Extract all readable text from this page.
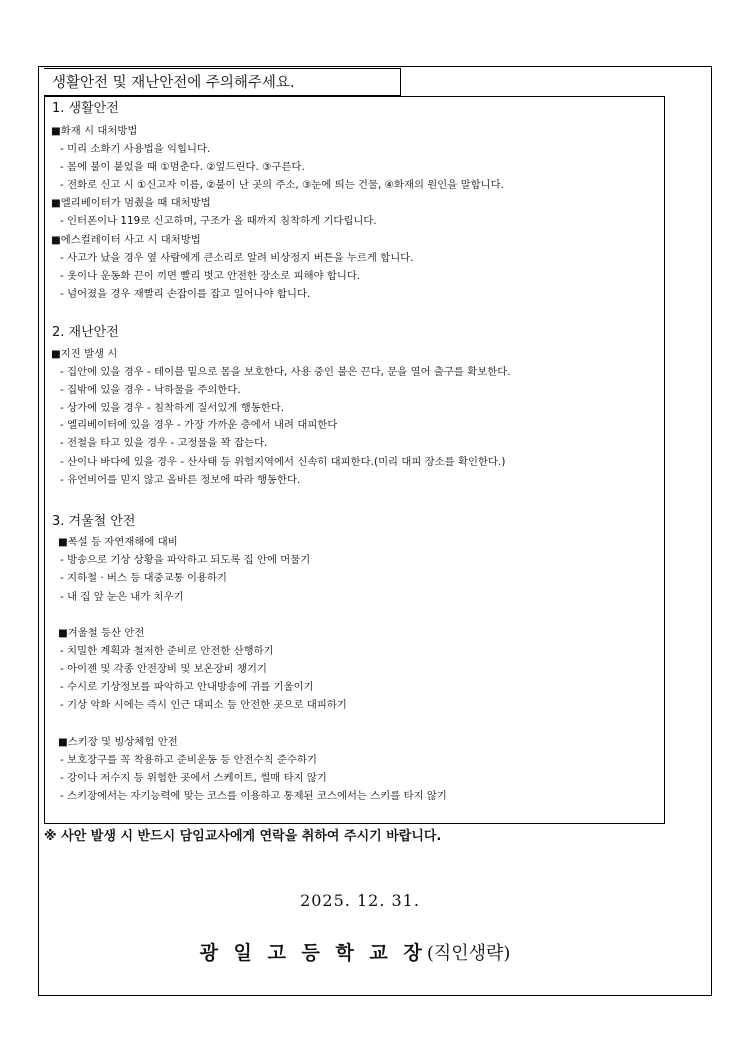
생활안전 및 재난안전에 주의해주세요.
1. 생활안전
■화재 시 대처방법
- 미리 소화기 사용법을 익힙니다.
- 몸에 불이 붙었을 때 ①멈춘다. ②엎드린다. ③구른다.
- 전화로 신고 시 ①신고자 이름, ②불이 난 곳의 주소, ③눈에 띄는 건물, ④화재의 원인을 말합니다.
■엘리베이터가 멈췄을 때 대처방법
- 인터폰이나 119로 신고하며, 구조가 올 때까지 침착하게 기다립니다.
■에스컬레이터 사고 시 대처방법
- 사고가 났을 경우 옆 사람에게 큰소리로 알려 비상정지 버튼을 누르게 합니다.
- 옷이나 운동화 끈이 끼면 빨리 벗고 안전한 장소로 피해야 합니다.
- 넘어졌을 경우 재빨리 손잡이를 잡고 일어나야 합니다.
2. 재난안전
■지진 발생 시
- 집안에 있을 경우 - 테이블 밑으로 몸을 보호한다, 사용 중인 불은 끈다, 문을 열어 출구를 확보한다.
- 집밖에 있을 경우 - 낙하물을 주의한다.
- 상가에 있을 경우 - 침착하게 질서있게 행동한다.
- 엘리베이터에 있을 경우 - 가장 가까운 층에서 내려 대피한다
- 전철을 타고 있을 경우 - 고정물을 꽉 잡는다.
- 산이나 바다에 있을 경우 - 산사태 등 위험지역에서 신속히 대피한다.(미리 대피 장소를 확인한다.)
- 유언비어를 믿지 않고 올바른 정보에 따라 행동한다.
3. 겨울철 안전
■폭설 등 자연재해에 대비
- 방송으로 기상 상황을 파악하고 되도록 집 안에 머물기
- 지하철 · 버스 등 대중교통 이용하기
- 내 집 앞 눈은 내가 치우기
■겨울철 등산 안전
- 치밀한 계획과 철저한 준비로 안전한 산행하기
- 아이젠 및 각종 안전장비 및 보온장비 챙기기
- 수시로 기상정보를 파악하고 안내방송에 귀를 기울이기
- 기상 악화 시에는 즉시 인근 대피소 등 안전한 곳으로 대피하기
■스키장 및 빙상체험 안전
- 보호장구를 꼭 착용하고 준비운동 등 안전수칙 준수하기
- 강이나 저수지 등 위험한 곳에서 스케이트, 썰매 타지 않기
- 스키장에서는 자기능력에 맞는 코스를 이용하고 통제된 코스에서는 스키를 타지 않기
※ 사안 발생 시 반드시 담임교사에게 연락을 취하여 주시기 바랍니다.
2025. 12. 31.
광 일 고 등 학 교 장 (직인생략)
